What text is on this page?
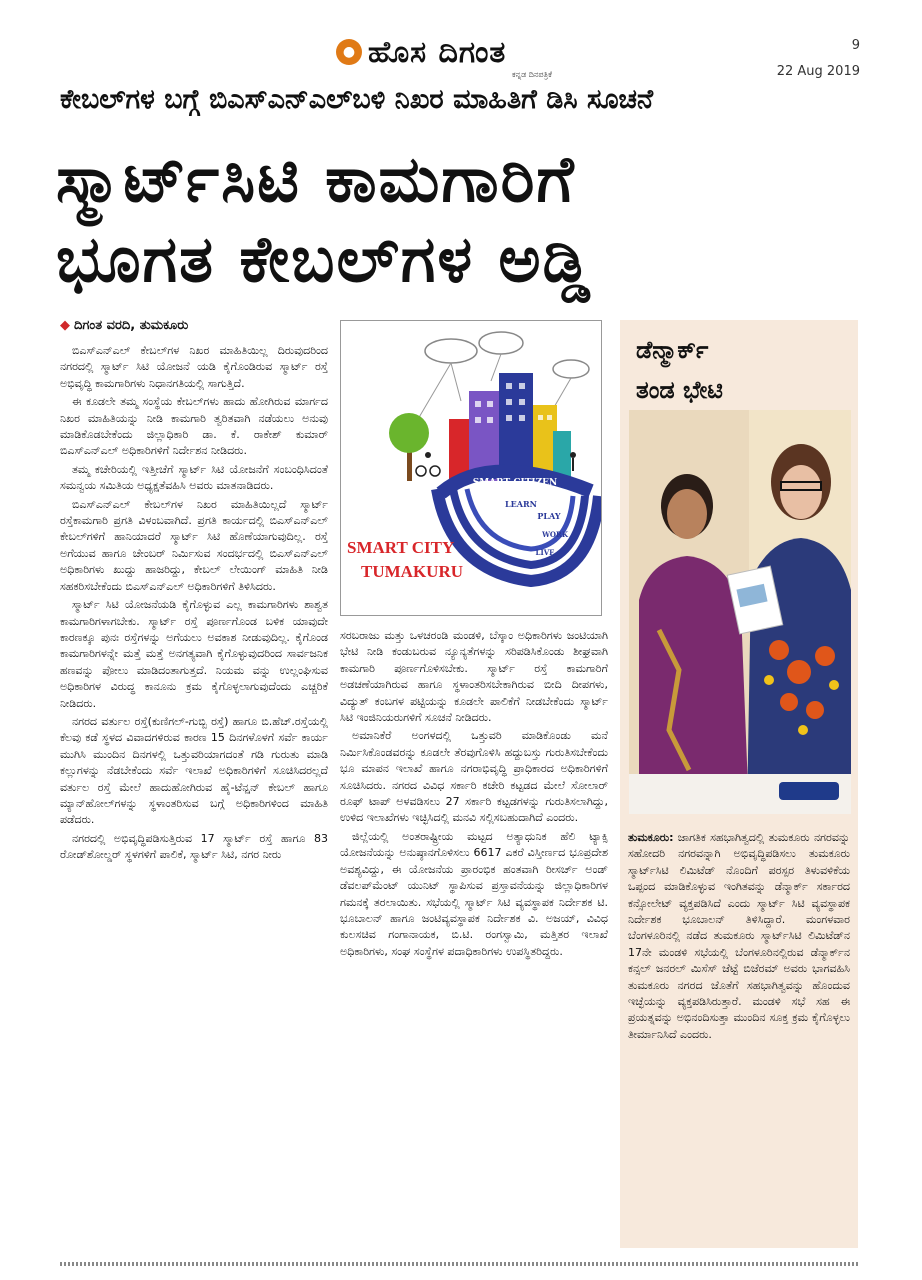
● ಹೊಸ ದಿಗಂತ
ಕನ್ನಡ ದಿನಪತ್ರಿಕೆ
9
22 Aug 2019
ಕೇಬಲ್‌ಗಳ ಬಗ್ಗೆ ಬಿಎಸ್‌ಎನ್‌ಎಲ್‌ಬಳಿ ನಿಖರ ಮಾಹಿತಿಗೆ ಡಿಸಿ ಸೂಚನೆ
ಸ್ಮಾರ್ಟ್‌ಸಿಟಿ ಕಾಮಗಾರಿಗೆ
ಭೂಗತ ಕೇಬಲ್‌ಗಳ ಅಡ್ಡಿ
◆ ದಿಗಂತ ವರದಿ, ತುಮಕೂರು

ಬಿಎಸ್‌ಎನ್‌ಎಲ್ ಕೇಬಲ್‌ಗಳ ನಿಖರ ಮಾಹಿತಿಯಿಲ್ಲ ದಿರುವುದರಿಂದ ನಗರದಲ್ಲಿ ಸ್ಮಾರ್ಟ್ ಸಿಟಿ ಯೋಜನೆ ಯಡಿ ಕೈಗೊಂಡಿರುವ ಸ್ಮಾರ್ಟ್ ರಸ್ತೆ ಅಭಿವೃದ್ಧಿ ಕಾಮಗಾರಿಗಳು ನಿಧಾನಗತಿಯಲ್ಲಿ ಸಾಗುತ್ತಿದೆ.

ಈ ಕೂಡಲೇ ತಮ್ಮ ಸಂಸ್ಥೆಯ ಕೇಬಲ್‌ಗಳು ಹಾದು ಹೋಗಿರುವ ಮಾರ್ಗದ ನಿಖರ ಮಾಹಿತಿಯನ್ನು ನೀಡಿ ಕಾಮಗಾರಿ ತ್ವರಿತವಾಗಿ ನಡೆಯಲು ಅನುವು ಮಾಡಿಕೊಡಬೇಕೆಂದು ಜಿಲ್ಲಾಧಿಕಾರಿ ಡಾ. ಕೆ. ರಾಕೇಶ್ ಕುಮಾರ್ ಬಿಎಸ್‌ಎನ್‌ಎಲ್ ಅಧಿಕಾರಿಗಳಿಗೆ ನಿರ್ದೇಶನ ನೀಡಿದರು.

ತಮ್ಮ ಕಚೇರಿಯಲ್ಲಿ ಇತ್ತೀಚೆಗೆ ಸ್ಮಾರ್ಟ್ ಸಿಟಿ ಯೋಜನೆಗೆ ಸಂಬಂಧಿಸಿದಂತೆ ಸಮನ್ವಯ ಸಮಿತಿಯ ಅಧ್ಯಕ್ಷತೆವಹಿಸಿ ಅವರು ಮಾತನಾಡಿದರು.

ಬಿಎಸ್‌ಎನ್‌ಎಲ್ ಕೇಬಲ್‌ಗಳ ನಿಖರ ಮಾಹಿತಿಯಿಲ್ಲದೆ ಸ್ಮಾರ್ಟ್ ರಸ್ತೆಕಾಮಗಾರಿ ಪ್ರಗತಿ ವಿಳಂಬವಾಗಿದೆ. ಪ್ರಗತಿ ಕಾರ್ಯದಲ್ಲಿ ಬಿಎಸ್‌ಎನ್‌ಎಲ್ ಕೇಬಲ್‌ಗಳಿಗೆ ಹಾನಿಯಾದರೆ ಸ್ಮಾರ್ಟ್ ಸಿಟಿ ಹೊಣೆಯಾಗುವುದಿಲ್ಲ. ರಸ್ತೆ ಅಗೆಯುವ ಹಾಗೂ ಚೇಂಬರ್ ನಿರ್ಮಿಸುವ ಸಂದರ್ಭದಲ್ಲಿ ಬಿಎಸ್‌ಎನ್‌ಎಲ್ ಅಧಿಕಾರಿಗಳು ಖುದ್ದು ಹಾಜರಿದ್ದು, ಕೇಬಲ್ ಲೇಯಿಂಗ್ ಮಾಹಿತಿ ನೀಡಿ ಸಹಕರಿಸಬೇಕೆಂದು ಬಿಎಸ್‌ಎನ್‌ಎಲ್ ಅಧಿಕಾರಿಗಳಿಗೆ ತಿಳಿಸಿದರು.

ಸ್ಮಾರ್ಟ್ ಸಿಟಿ ಯೋಜನೆಯಡಿ ಕೈಗೊಳ್ಳುವ ಎಲ್ಲ ಕಾಮಗಾರಿಗಳು ಶಾಶ್ವತ ಕಾಮಗಾರಿಗಳಾಗಬೇಕು. ಸ್ಮಾರ್ಟ್ ರಸ್ತೆ ಪೂರ್ಣಗೊಂಡ ಬಳಿಕ ಯಾವುದೇ ಕಾರಣಕ್ಕೂ ಪುನಃ ರಸ್ತೆಗಳನ್ನು ಅಗೆಯಲು ಅವಕಾಶ ನೀಡುವುದಿಲ್ಲ. ಕೈಗೊಂಡ ಕಾಮಗಾರಿಗಳನ್ನೇ ಮತ್ತೆ ಮತ್ತೆ ಅನಗತ್ಯವಾಗಿ ಕೈಗೊಳ್ಳುವುದರಿಂದ ಸಾರ್ವಜನಿಕ ಹಣವನ್ನು ಪೋಲು ಮಾಡಿದಂತಾಗುತ್ತದೆ. ನಿಯಮ ವನ್ನು ಉಲ್ಲಂಘಿಸುವ ಅಧಿಕಾರಿಗಳ ವಿರುದ್ಧ ಕಾನೂನು ಕ್ರಮ ಕೈಗೊಳ್ಳಲಾಗುವುದೆಂದು ಎಚ್ಚರಿಕೆ ನೀಡಿದರು.

ನಗರದ ವರ್ತುಲ ರಸ್ತೆ(ಕುಣಿಗಲ್-ಗುಬ್ಬಿ ರಸ್ತೆ) ಹಾಗೂ ಬಿ.ಹೆಚ್.ರಸ್ತೆಯಲ್ಲಿ ಕೆಲವು ಕಡೆ ಸ್ಥಳದ ವಿವಾದಗಳಿರುವ ಕಾರಣ 15 ದಿನಗಳೊಳಗೆ ಸರ್ವೆ ಕಾರ್ಯ ಮುಗಿಸಿ ಮುಂದಿನ ದಿನಗಳಲ್ಲಿ ಒತ್ತುವರಿಯಾಗದಂತೆ ಗಡಿ ಗುರುತು ಮಾಡಿ ಕಲ್ಲುಗಳನ್ನು ನೆಡಬೇಕೆಂದು ಸರ್ವೆ ಇಲಾಖೆ ಅಧಿಕಾರಿಗಳಿಗೆ ಸೂಚಿಸಿದರಲ್ಲದೆ ವರ್ತುಲ ರಸ್ತೆ ಮೇಲೆ ಹಾದುಹೋಗಿರುವ ಹೈ-ಟೆನ್ಷನ್ ಕೇಬಲ್ ಹಾಗೂ ಮ್ಯಾನ್‌ಹೋಲ್‌ಗಳನ್ನು ಸ್ಥಳಾಂತರಿಸುವ ಬಗ್ಗೆ ಅಧಿಕಾರಿಗಳಿಂದ ಮಾಹಿತಿ ಪಡೆದರು.

ನಗರದಲ್ಲಿ ಅಭಿವೃದ್ಧಿಪಡಿಸುತ್ತಿರುವ 17 ಸ್ಮಾರ್ಟ್ ರಸ್ತೆ ಹಾಗೂ 83 ರೋಡ್‌ಶೋಲ್ಡರ್ ಸ್ಥಳಗಳಿಗೆ ಪಾಲಿಕೆ, ಸ್ಮಾರ್ಟ್ ಸಿಟಿ, ನಗರ ನೀರು

SMART CITIZEN
LEARN
PLAY
WORK
LIVE
SMART CITY
TUMAKURU

ಸರಬರಾಜು ಮತ್ತು ಒಳಚರಂಡಿ ಮಂಡಳಿ, ಬೆಸ್ಕಾಂ ಅಧಿಕಾರಿಗಳು ಜಂಟಿಯಾಗಿ ಭೇಟಿ ನೀಡಿ ಕಂಡುಬರುವ ನ್ಯೂನ್ಯತೆಗಳನ್ನು ಸರಿಪಡಿಸಿಕೊಂಡು ಶೀಘ್ರವಾಗಿ ಕಾಮಗಾರಿ ಪೂರ್ಣಗೊಳಿಸಬೇಕು. ಸ್ಮಾರ್ಟ್ ರಸ್ತೆ ಕಾಮಗಾರಿಗೆ ಅಡಚಣೆಯಾಗಿರುವ ಹಾಗೂ ಸ್ಥಳಾಂತರಿಸಬೇಕಾಗಿರುವ ಬೀದಿ ದೀಪಗಳು, ವಿದ್ಯುತ್ ಕಂಬಗಳ ಪಟ್ಟಿಯನ್ನು ಕೂಡಲೇ ಪಾಲಿಕೆಗೆ ನೀಡಬೇಕೆಂದು ಸ್ಮಾರ್ಟ್ ಸಿಟಿ ಇಂಜಿನಿಯರುಗಳಿಗೆ ಸೂಚನೆ ನೀಡಿದರು.

ಅಮಾನಿಕೆರೆ ಅಂಗಳದಲ್ಲಿ ಒತ್ತುವರಿ ಮಾಡಿಕೊಂಡು ಮನೆ ನಿರ್ಮಿಸಿಕೊಂಡವರನ್ನು ಕೂಡಲೇ ತೆರವುಗೊಳಿಸಿ ಹದ್ದುಬಸ್ತು ಗುರುತಿಸಬೇಕೆಂದು ಭೂ ಮಾಪನ ಇಲಾಖೆ ಹಾಗೂ ನಗರಾಭಿವೃದ್ಧಿ ಪ್ರಾಧಿಕಾರದ ಅಧಿಕಾರಿಗಳಿಗೆ ಸೂಚಿಸಿದರು. ನಗರದ ವಿವಿಧ ಸರ್ಕಾರಿ ಕಚೇರಿ ಕಟ್ಟಡದ ಮೇಲೆ ಸೋಲಾರ್ ರೂಫ್ ಟಾಪ್ ಅಳವಡಿಸಲು 27 ಸರ್ಕಾರಿ ಕಟ್ಟಡಗಳನ್ನು ಗುರುತಿಸಲಾಗಿದ್ದು, ಉಳಿದ ಇಲಾಖೆಗಳು ಇಚ್ಛಿಸಿದಲ್ಲಿ ಮನವಿ ಸಲ್ಲಿಸಬಹುದಾಗಿದೆ ಎಂದರು.

ಜಿಲ್ಲೆಯಲ್ಲಿ ಅಂತರಾಷ್ಟ್ರೀಯ ಮಟ್ಟದ ಅತ್ಯಾಧುನಿಕ ಹೆಲಿ ಟ್ಯಾಕ್ಸಿ ಯೋಜನೆಯನ್ನು ಅನುಷ್ಠಾನಗೊಳಿಸಲು 6617 ಎಕರೆ ವಿಸ್ತೀರ್ಣದ ಭೂಪ್ರದೇಶ ಅವಶ್ಯವಿದ್ದು, ಈ ಯೋಜನೆಯ ಪ್ರಾರಂಭಿಕ ಹಂತವಾಗಿ ರೀಸರ್ಚ್ ಅಂಡ್ ಡೆವಲಪ್‌ಮೆಂಟ್ ಯುನಿಟ್ ಸ್ಥಾಪಿಸುವ ಪ್ರಸ್ತಾವನೆಯನ್ನು ಜಿಲ್ಲಾಧಿಕಾರಿಗಳ ಗಮನಕ್ಕೆ ತರಲಾಯಿತು. ಸಭೆಯಲ್ಲಿ ಸ್ಮಾರ್ಟ್ ಸಿಟಿ ವ್ಯವಸ್ಥಾಪಕ ನಿರ್ದೇಶಕ ಟಿ. ಭೂಬಾಲನ್ ಹಾಗೂ ಜಂಟಿವ್ಯವಸ್ಥಾಪಕ ನಿರ್ದೇಶಕ ವಿ. ಅಜಯ್, ವಿವಿಧ ಕುಲಸಚಿವ ಗಂಗಾನಾಯಕ, ಬಿ.ಟಿ. ರಂಗಸ್ವಾಮಿ, ಮತ್ತಿತರ ಇಲಾಖೆ ಅಧಿಕಾರಿಗಳು, ಸಂಘ ಸಂಸ್ಥೆಗಳ ಪದಾಧಿಕಾರಿಗಳು ಉಪಸ್ಥಿತರಿದ್ದರು.

ಡೆನ್ಮಾರ್ಕ್
ತಂಡ ಭೇಟಿ

ತುಮಕೂರು: ಜಾಗತಿಕ ಸಹಭಾಗಿತ್ವದಲ್ಲಿ ತುಮಕೂರು ನಗರವನ್ನು ಸಹೋದರಿ ನಗರವನ್ನಾಗಿ ಅಭಿವೃದ್ಧಿಪಡಿಸಲು ತುಮಕೂರು ಸ್ಮಾರ್ಟ್‌ಸಿಟಿ ಲಿಮಿಟೆಡ್ ನೊಂದಿಗೆ ಪರಸ್ಪರ ತಿಳುವಳಿಕೆಯ ಒಪ್ಪಂದ ಮಾಡಿಕೊಳ್ಳುವ ಇಂಗಿತವನ್ನು ಡೆನ್ಮಾರ್ಕ್ ಸರ್ಕಾರದ ಕನ್ಸೋಲೇಟ್ ವ್ಯಕ್ತಪಡಿಸಿದೆ ಎಂದು ಸ್ಮಾರ್ಟ್ ಸಿಟಿ ವ್ಯವಸ್ಥಾಪಕ ನಿರ್ದೇಶಕ ಭೂಬಾಲನ್ ತಿಳಿಸಿದ್ದಾರೆ. ಮಂಗಳವಾರ ಬೆಂಗಳೂರಿನಲ್ಲಿ ನಡೆದ ತುಮಕೂರು ಸ್ಮಾರ್ಟ್‌ಸಿಟಿ ಲಿಮಿಟೆಡ್‌ನ 17ನೇ ಮಂಡಳಿ ಸಭೆಯಲ್ಲಿ ಬೆಂಗಳೂರಿನಲ್ಲಿರುವ ಡೆನ್ಮಾರ್ಕ್‌ನ ಕನ್ಸಲ್ ಜನರಲ್ ಮಿಸೆಸ್ ಜೆಟ್ಟೆ ಬಿಜೆರಮ್ ಅವರು ಭಾಗವಹಿಸಿ ತುಮಕೂರು ನಗರದ ಜೊತೆಗೆ ಸಹಭಾಗಿತ್ವವನ್ನು ಹೊಂದುವ ಇಚ್ಛೆಯನ್ನು ವ್ಯಕ್ತಪಡಿಸಿರುತ್ತಾರೆ. ಮಂಡಳಿ ಸಭೆ ಸಹ ಈ ಪ್ರಯತ್ನವನ್ನು ಅಭಿನಂದಿಸುತ್ತಾ ಮುಂದಿನ ಸೂಕ್ತ ಕ್ರಮ ಕೈಗೊಳ್ಳಲು ತೀರ್ಮಾನಿಸಿದೆ ಎಂದರು.
